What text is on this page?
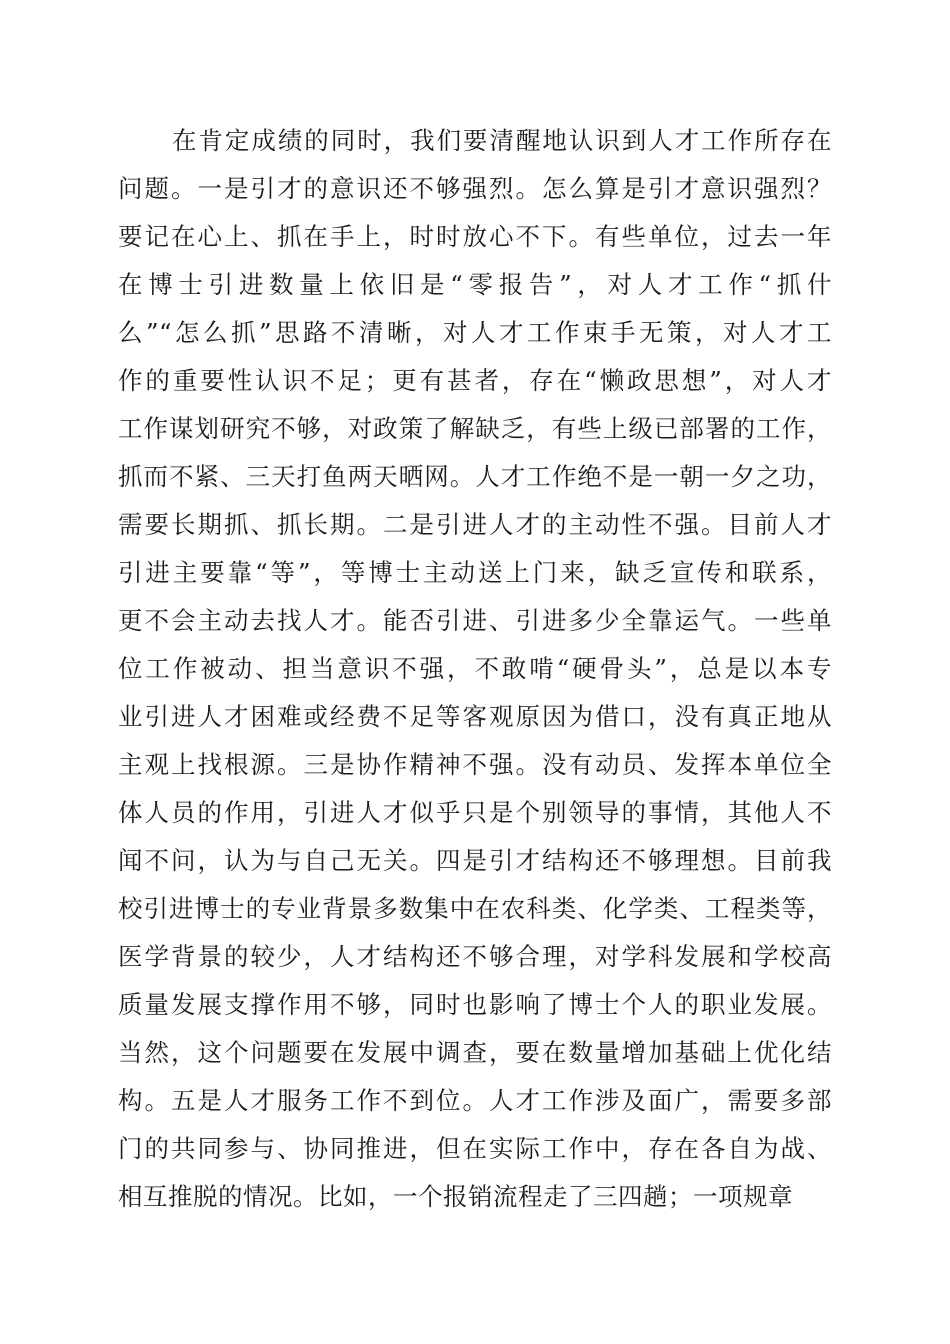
在肯定成绩的同时，我们要清醒地认识到人才工作所存在
问题。一是引才的意识还不够强烈。怎么算是引才意识强烈？
要记在心上、抓在手上，时时放心不下。有些单位，过去一年
在博士引进数量上依旧是“零报告”，对人才工作“抓什
么”“怎么抓”思路不清晰，对人才工作束手无策，对人才工
作的重要性认识不足；更有甚者，存在“懒政思想”，对人才
工作谋划研究不够，对政策了解缺乏，有些上级已部署的工作，
抓而不紧、三天打鱼两天晒网。人才工作绝不是一朝一夕之功，
需要长期抓、抓长期。二是引进人才的主动性不强。目前人才
引进主要靠“等”，等博士主动送上门来，缺乏宣传和联系，
更不会主动去找人才。能否引进、引进多少全靠运气。一些单
位工作被动、担当意识不强，不敢啃“硬骨头”，总是以本专
业引进人才困难或经费不足等客观原因为借口，没有真正地从
主观上找根源。三是协作精神不强。没有动员、发挥本单位全
体人员的作用，引进人才似乎只是个别领导的事情，其他人不
闻不问，认为与自己无关。四是引才结构还不够理想。目前我
校引进博士的专业背景多数集中在农科类、化学类、工程类等，
医学背景的较少，人才结构还不够合理，对学科发展和学校高
质量发展支撑作用不够，同时也影响了博士个人的职业发展。
当然，这个问题要在发展中调查，要在数量增加基础上优化结
构。五是人才服务工作不到位。人才工作涉及面广，需要多部
门的共同参与、协同推进，但在实际工作中，存在各自为战、
相互推脱的情况。比如，一个报销流程走了三四趟；一项规章
